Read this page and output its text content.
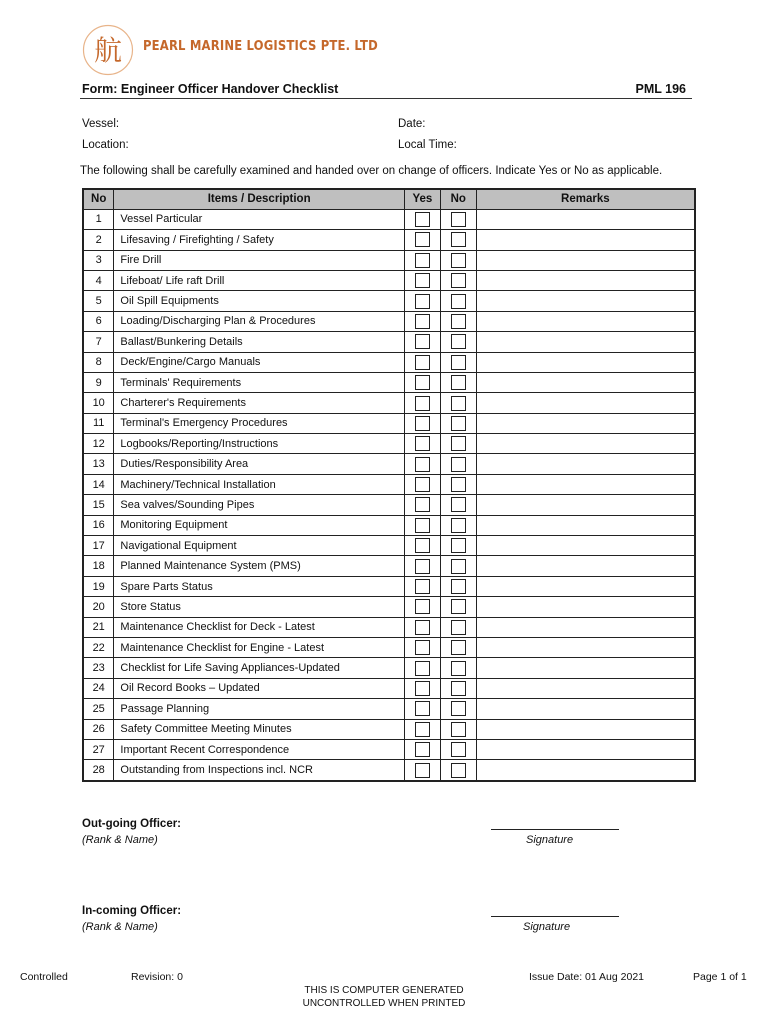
航 PEARL MARINE LOGISTICS PTE. LTD
Form: Engineer Officer Handover Checklist	PML 196
Vessel:	Date:
Location:	Local Time:
The following shall be carefully examined and handed over on change of officers. Indicate Yes or No as applicable.
No	Items / Description	Yes	No	Remarks
1	Vessel Particular			
2	Lifesaving / Firefighting / Safety			
3	Fire Drill			
4	Lifeboat/ Life raft Drill			
5	Oil Spill Equipments			
6	Loading/Discharging Plan & Procedures			
7	Ballast/Bunkering Details			
8	Deck/Engine/Cargo Manuals			
9	Terminals' Requirements			
10	Charterer's Requirements			
11	Terminal's Emergency Procedures			
12	Logbooks/Reporting/Instructions			
13	Duties/Responsibility Area			
14	Machinery/Technical Installation			
15	Sea valves/Sounding Pipes			
16	Monitoring Equipment			
17	Navigational Equipment			
18	Planned Maintenance System (PMS)			
19	Spare Parts Status			
20	Store Status			
21	Maintenance Checklist for Deck - Latest			
22	Maintenance Checklist for Engine - Latest			
23	Checklist for Life Saving Appliances-Updated			
24	Oil Record Books – Updated			
25	Passage Planning			
26	Safety Committee Meeting Minutes			
27	Important Recent Correspondence			
28	Outstanding from Inspections incl. NCR			
Out-going Officer:
(Rank & Name)	Signature
In-coming Officer:
(Rank & Name)	Signature
Controlled	Revision: 0	Issue Date: 01 Aug 2021	Page 1 of 1
THIS IS COMPUTER GENERATED
UNCONTROLLED WHEN PRINTED
